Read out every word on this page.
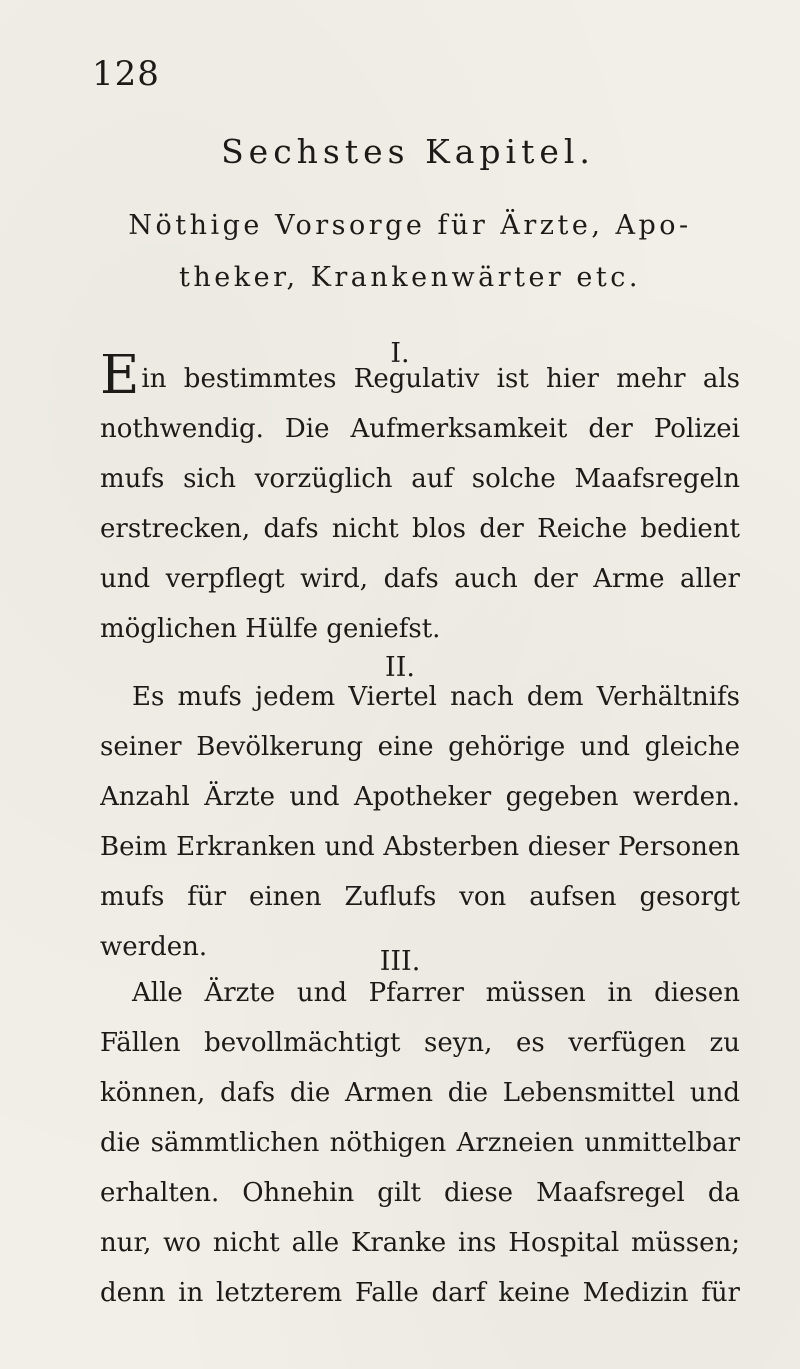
128
Sechstes Kapitel.
Nöthige Vorsorge für Ärzte, Apo-
theker, Krankenwärter etc.
I.
Ein bestimmtes Regulativ ist hier mehr als
nothwendig. Die Aufmerksamkeit der Polizei
mufs sich vorzüglich auf solche Maafsregeln
erstrecken, dafs nicht blos der Reiche bedient
und verpflegt wird, dafs auch der Arme aller
möglichen Hülfe geniefst.
II.
Es mufs jedem Viertel nach dem Verhältnifs
seiner Bevölkerung eine gehörige und gleiche
Anzahl Ärzte und Apotheker gegeben werden.
Beim Erkranken und Absterben dieser Personen
mufs für einen Zuflufs von aufsen gesorgt
werden.	III.
Alle Ärzte und Pfarrer müssen in diesen
Fällen bevollmächtigt seyn, es verfügen zu
können, dafs die Armen die Lebensmittel und
die sämmtlichen nöthigen Arzneien unmittelbar
erhalten. Ohnehin gilt diese Maafsregel da
nur, wo nicht alle Kranke ins Hospital müssen;
denn in letzterem Falle darf keine Medizin für
